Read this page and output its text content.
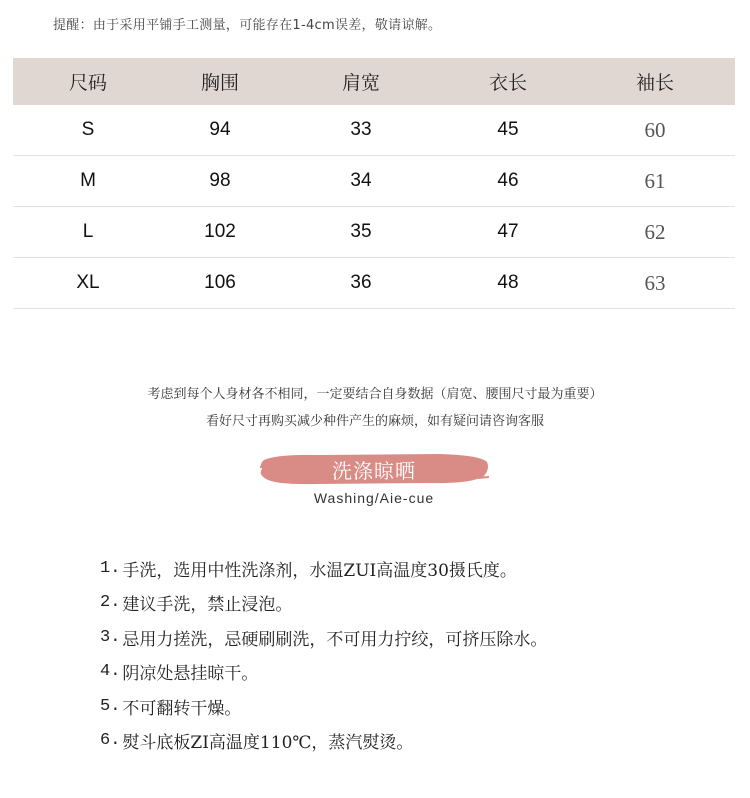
提醒：由于采用平铺手工测量，可能存在1-4cm误差，敬请谅解。
尺码	胸围	肩宽	衣长	袖长
S	94	33	45	60
M	98	34	46	61
L	102	35	47	62
XL	106	36	48	63
考虑到每个人身材各不相同，一定要结合自身数据（肩宽、腰围尺寸最为重要）
看好尺寸再购买减少种件产生的麻烦，如有疑问请咨询客服
洗涤晾晒
Washing/Aie-cue
1. 手洗，选用中性洗涤剂，水温ZUI高温度30摄氏度。
2. 建议手洗，禁止浸泡。
3. 忌用力搓洗，忌硬刷刷洗，不可用力拧绞，可挤压除水。
4. 阴凉处悬挂晾干。
5. 不可翻转干燥。
6. 熨斗底板ZI高温度110℃，蒸汽熨烫。
